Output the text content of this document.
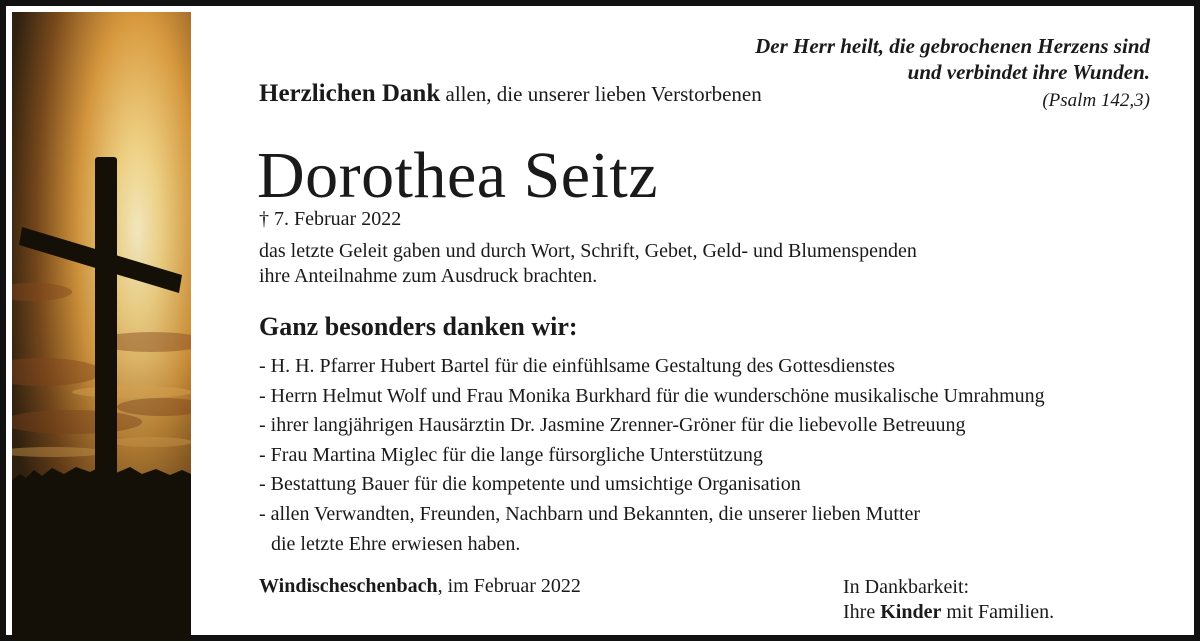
Der Herr heilt, die gebrochenen Herzens sind
und verbindet ihre Wunden.
(Psalm 142,3)
Herzlichen Dank allen, die unserer lieben Verstorbenen
Dorothea Seitz
† 7. Februar 2022
das letzte Geleit gaben und durch Wort, Schrift, Gebet, Geld- und Blumenspenden
ihre Anteilnahme zum Ausdruck brachten.
Ganz besonders danken wir:
- H. H. Pfarrer Hubert Bartel für die einfühlsame Gestaltung des Gottesdienstes
- Herrn Helmut Wolf und Frau Monika Burkhard für die wunderschöne musikalische Umrahmung
- ihrer langjährigen Hausärztin Dr. Jasmine Zrenner-Gröner für die liebevolle Betreuung
- Frau Martina Miglec für die lange fürsorgliche Unterstützung
- Bestattung Bauer für die kompetente und umsichtige Organisation
- allen Verwandten, Freunden, Nachbarn und Bekannten, die unserer lieben Mutter
die letzte Ehre erwiesen haben.
Windischeschenbach, im Februar 2022	In Dankbarkeit:
Ihre Kinder mit Familien.
